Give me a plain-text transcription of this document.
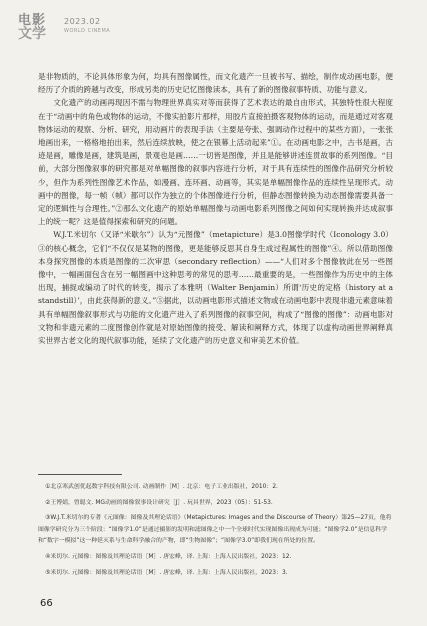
电影
文学
2023.02
WORLD CINEMA

是非物质的，不论具体形象为何，均具有图像属性，而文化遗产一旦被书写、描绘，制作成动画电影，便经历了介质的跨越与改变，形成另类的历史记忆图像读本，具有了新的图像叙事特质、功能与意义。

文化遗产的动画再现因不需与物理世界真实对等而获得了艺术表达的最自由形式，其独特性很大程度在于“动画中的角色或物体的运动，不像实拍影片那样，用胶片直接拍摄客观物体的运动，而是通过对客观物体运动的观察、分析、研究，用动画片的表现手法（主要是夸张、强调动作过程中的某些方面），一张张地画出来，一格格地拍出来，然后连续放映，使之在银幕上活动起来”①。在动画电影之中，古书是画，古迹是画，雕像是画，建筑是画，景观也是画……一切皆是图像，并且是能够讲述连贯故事的系列图像。“目前，大部分图像叙事的研究都是对单幅图像的叙事内容进行分析，对于具有连续性的图像作品研究分析较少，但作为系列性图像艺术作品，如漫画、连环画、动画等，其实是单幅图像作品的连续性呈现形式。动画中的图像，每一帧（帧）都可以作为独立的个体图像进行分析，但静态图像转换为动态图像需要具备一定的逻辑性与合理性。”②那么文化遗产的原始单幅图像与动画电影系列图像之间如何实现转换并达成叙事上的统一呢？这是值得探索和研究的问题。

W.J.T.米切尔（又译“米歇尔”）认为“元图像”（metapicture）是3.0图像学时代（Iconology 3.0）③的核心概念，它们“不仅仅是某物的图像，更是能够反思其自身生成过程属性的图像”④。所以借助图像本身探究图像的本质是图像的二次审思（secondary reflection）——“人们对多个图像彼此在另一些图像中，一幅画面包含在另一幅图画中这种思考的常见的思考……最重要的是，一些图像作为历史中的主体出现，捕捉或编动了时代的转变，揭示了本雅明（Walter Benjamin）所谓‘历史的定格（history at a standstill）’，由此获得新的意义。”⑤据此，以动画电影形式描述文物或在动画电影中表现非遗元素意味着具有单幅图像叙事形式与功能的文化遗产进入了系列图像的叙事空间，构成了“图像的图像”：动画电影对文物和非遗元素的二度图像创作就是对原始图像的接受、解读和阐释方式，体现了以虚构动画世界阐释真实世界古老文化的现代叙事功能，延续了文化遗产的历史意义和审美艺术价值。

①北京寒武创优起数字科技有限公司. 动画制作［M］. 北京：电子工业出版社，2010：2.

②王博婧，曾聪文. MG动画的图像叙事设计研究［J］. 玩具世界，2023（05）：51-53.

③W.J.T.米切尔的专著《元图像：图像及其理论话语》（Metapictures: Images and the Discourse of Theory）第25—27页，他将图像学研究分为三个阶段：“图像学1.0”是通过摄影的发明和滤图像之中一个全球时代实现图像出现成为可能；“图像学2.0”是信息科学和“数字一模拟”这一种延灭系与生命科学融合的产物，即“生物图像”；“图像学3.0”即我们现在所处的位置。

④米切尔. 元图像：图像及其理论话语［M］. 唐宏峰，译. 上海：上海人民出版社，2023：12.

⑤米切尔. 元图像：图像及其理论话语［M］. 唐宏峰，译. 上海：上海人民出版社，2023：3.

66
